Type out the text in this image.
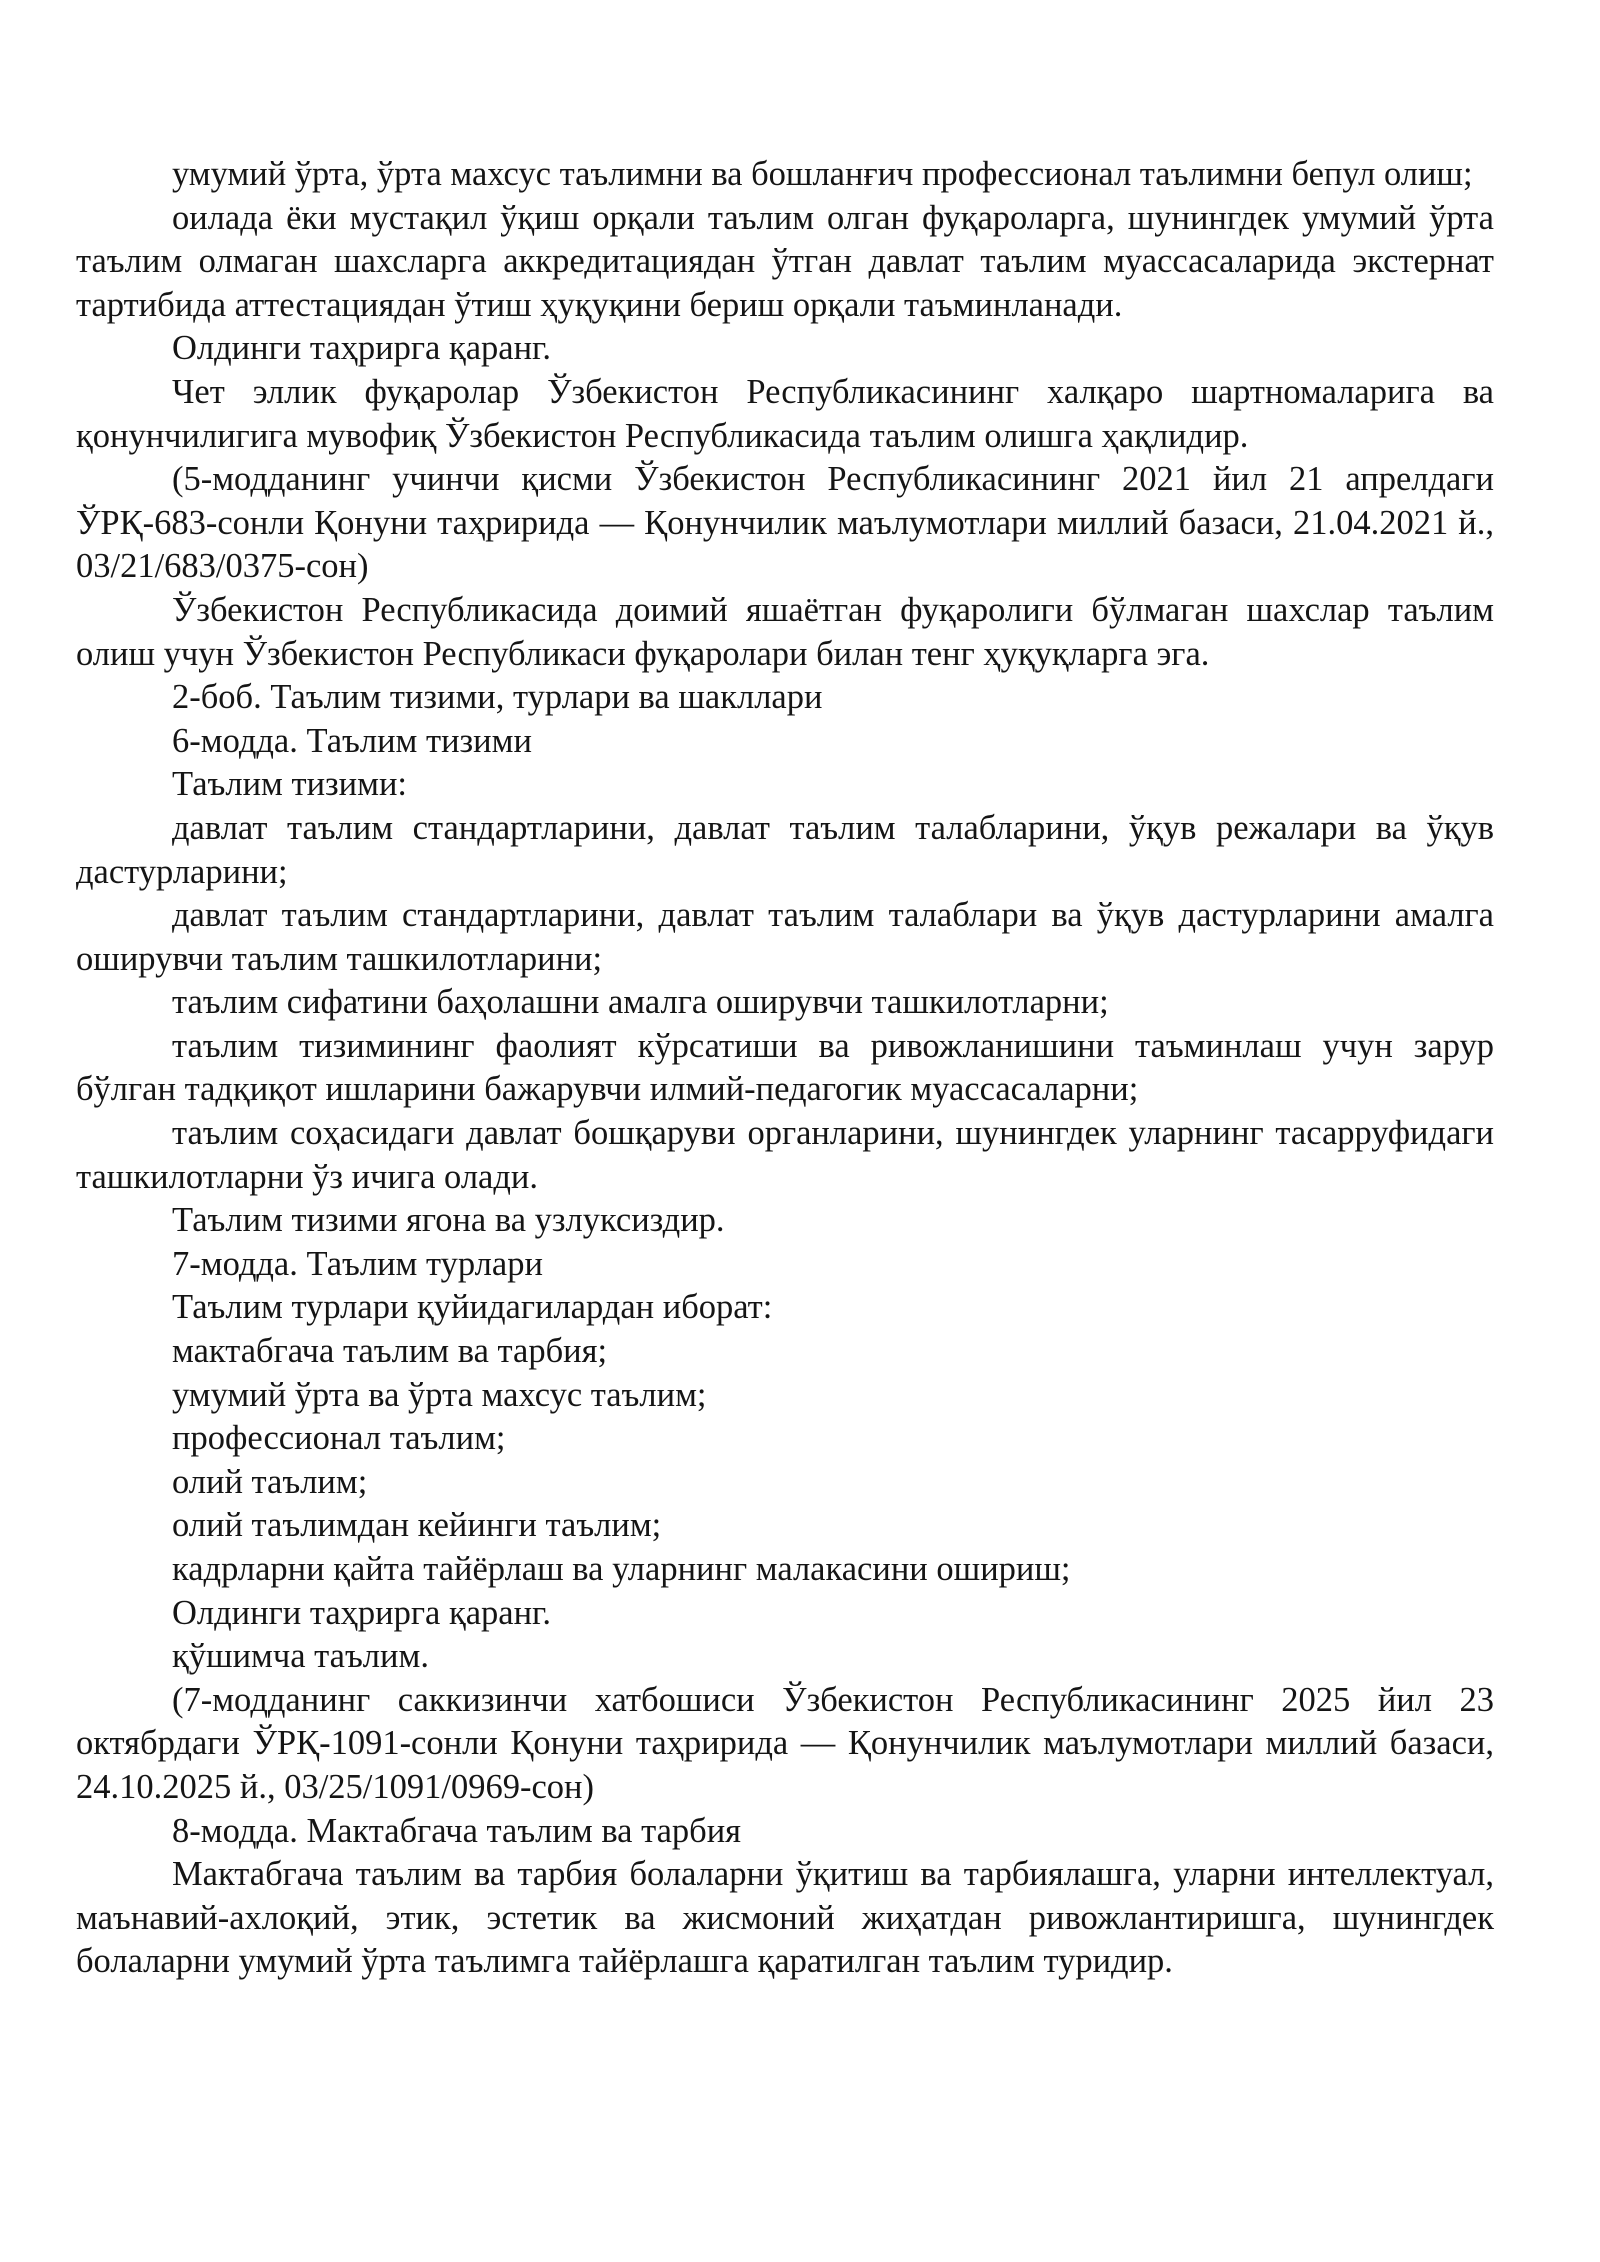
умумий ўрта, ўрта махсус таълимни ва бошланғич профессионал таълимни бепул олиш;

оилада ёки мустақил ўқиш орқали таълим олган фуқароларга, шунингдек умумий ўрта таълим олмаган шахсларга аккредитациядан ўтган давлат таълим муассасаларида экстернат тартибида аттестациядан ўтиш ҳуқуқини бериш орқали таъминланади.

Олдинги таҳрирга қаранг.

Чет эллик фуқаролар Ўзбекистон Республикасининг халқаро шартномаларига ва қонунчилигига мувофиқ Ўзбекистон Республикасида таълим олишга ҳақлидир.

(5-модданинг учинчи қисми Ўзбекистон Республикасининг 2021 йил 21 апрелдаги ЎРҚ-683-сонли Қонуни таҳририда — Қонунчилик маълумотлари миллий базаси, 21.04.2021 й., 03/21/683/0375-сон)

Ўзбекистон Республикасида доимий яшаётган фуқаролиги бўлмаган шахслар таълим олиш учун Ўзбекистон Республикаси фуқаролари билан тенг ҳуқуқларга эга.

2-боб. Таълим тизими, турлари ва шакллари

6-модда. Таълим тизими

Таълим тизими:

давлат таълим стандартларини, давлат таълим талабларини, ўқув режалари ва ўқув дастурларини;

давлат таълим стандартларини, давлат таълим талаблари ва ўқув дастурларини амалга оширувчи таълим ташкилотларини;

таълим сифатини баҳолашни амалга оширувчи ташкилотларни;

таълим тизимининг фаолият кўрсатиши ва ривожланишини таъминлаш учун зарур бўлган тадқиқот ишларини бажарувчи илмий-педагогик муассасаларни;

таълим соҳасидаги давлат бошқаруви органларини, шунингдек уларнинг тасарруфидаги ташкилотларни ўз ичига олади.

Таълим тизими ягона ва узлуксиздир.

7-модда. Таълим турлари

Таълим турлари қуйидагилардан иборат:

мактабгача таълим ва тарбия;

умумий ўрта ва ўрта махсус таълим;

профессионал таълим;

олий таълим;

олий таълимдан кейинги таълим;

кадрларни қайта тайёрлаш ва уларнинг малакасини ошириш;

Олдинги таҳрирга қаранг.

қўшимча таълим.

(7-модданинг саккизинчи хатбошиси Ўзбекистон Республикасининг 2025 йил 23 октябрдаги ЎРҚ-1091-сонли Қонуни таҳририда — Қонунчилик маълумотлари миллий базаси, 24.10.2025 й., 03/25/1091/0969-сон)

8-модда. Мактабгача таълим ва тарбия

Мактабгача таълим ва тарбия болаларни ўқитиш ва тарбиялашга, уларни интеллектуал, маънавий-ахлоқий, этик, эстетик ва жисмоний жиҳатдан ривожлантиришга, шунингдек болаларни умумий ўрта таълимга тайёрлашга қаратилган таълим туридир.
